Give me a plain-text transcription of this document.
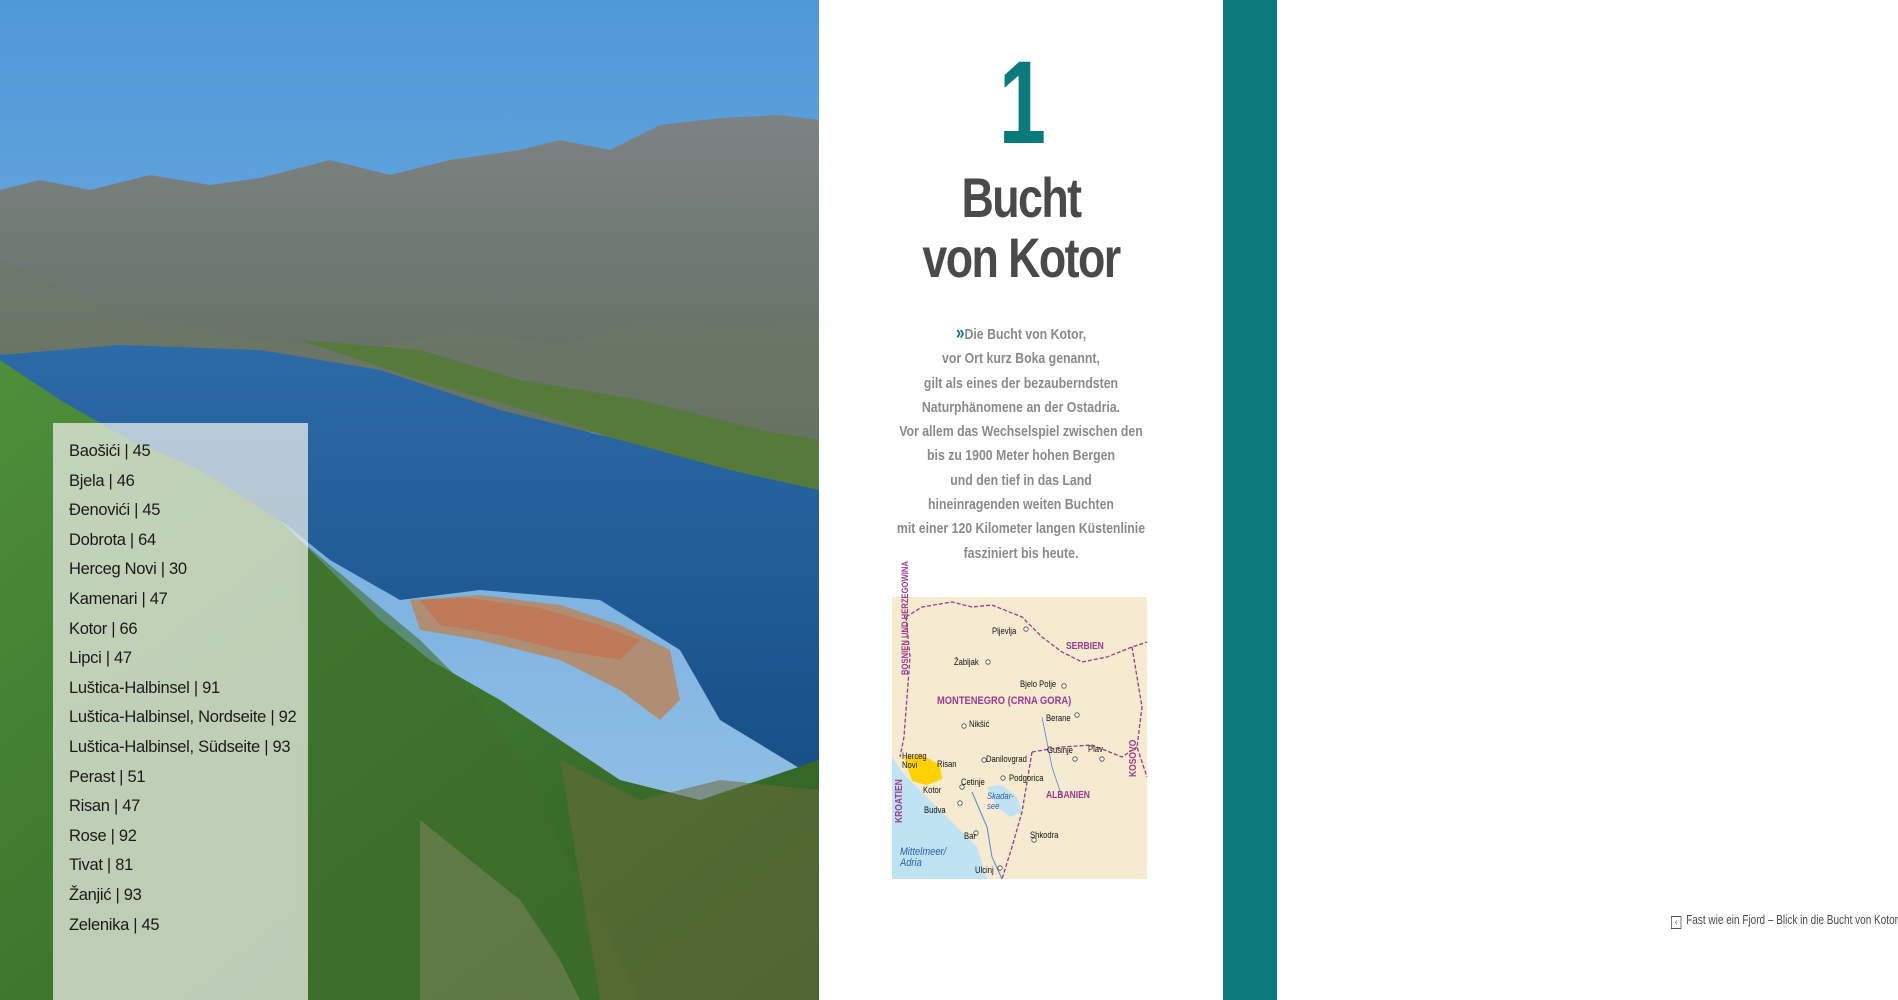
Baošići | 45
Bjela | 46
Đenovići | 45
Dobrota | 64
Herceg Novi | 30
Kamenari | 47
Kotor | 66
Lipci | 47
Luštica-Halbinsel | 91
Luštica-Halbinsel, Nordseite | 92
Luštica-Halbinsel, Südseite | 93
Perast | 51
Risan | 47
Rose | 92
Tivat | 81
Žanjić | 93
Zelenika | 45
1
Bucht
von Kotor
» Die Bucht von Kotor,
vor Ort kurz Boka genannt,
gilt als eines der bezauberndsten
Naturphänomene an der Ostadria.
Vor allem das Wechselspiel zwischen den
bis zu 1900 Meter hohen Bergen
und den tief in das Land
hineinragenden weiten Buchten
mit einer 120 Kilometer langen Küstenlinie
fasziniert bis heute.
‹ Fast wie ein Fjord – Blick in die Bucht von Kotor
BOSNIEN UND HERZEGOWINA	SERBIEN
MONTENEGRO (CRNA GORA)
KOSOVO
KROATIEN	ALBANIEN
Mittelmeer/ Adria
Skadar- see
Pljevlja
Žabljak
Bjelo Polje
Berane
Nikšić
Herceg Novi	Risan	Danilovgrad
Gusinje Plav
Cetinje	Podgorica
Kotor
Budva
Bar	Shkodra
Ulcinj
